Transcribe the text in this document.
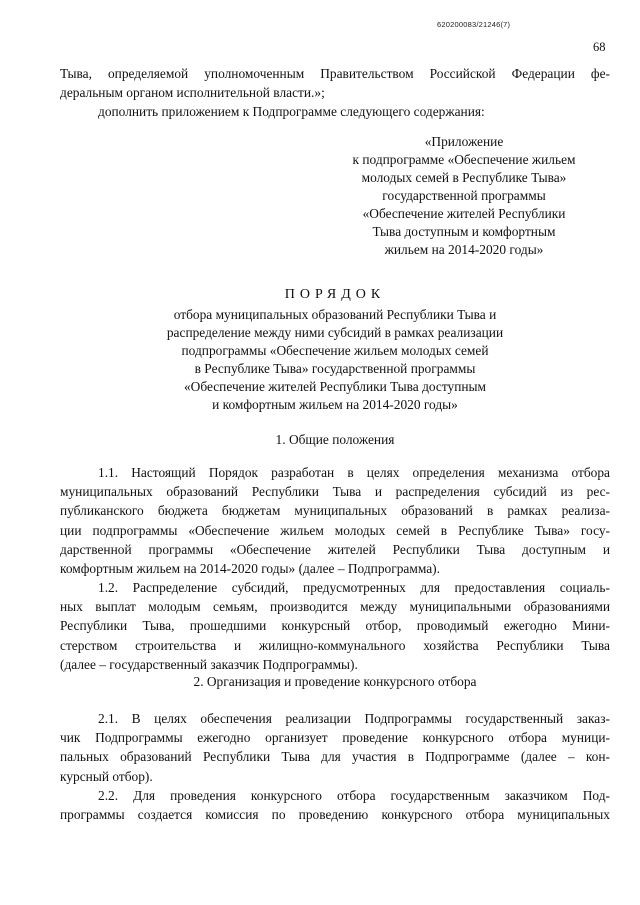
620200083/21246(7)
68
Тыва, определяемой уполномоченным Правительством Российской Федерации фе-
деральным органом исполнительной власти.»;
дополнить приложением к Подпрограмме следующего содержания:
«Приложение
к подпрограмме «Обеспечение жильем
молодых семей в Республике Тыва»
государственной программы
«Обеспечение жителей Республики
Тыва доступным и комфортным
жильем на 2014-2020 годы»
ПОРЯДОК
отбора муниципальных образований Республики Тыва и
распределение между ними субсидий в рамках реализации
подпрограммы «Обеспечение жильем молодых семей
в Республике Тыва» государственной программы
«Обеспечение жителей Республики Тыва доступным
и комфортным жильем на 2014-2020 годы»
1. Общие положения
1.1. Настоящий Порядок разработан в целях определения механизма отбора
муниципальных образований Республики Тыва и распределения субсидий из рес-
публиканского бюджета бюджетам муниципальных образований в рамках реализа-
ции подпрограммы «Обеспечение жильем молодых семей в Республике Тыва» госу-
дарственной программы «Обеспечение жителей Республики Тыва доступным и
комфортным жильем на 2014-2020 годы» (далее – Подпрограмма).
1.2. Распределение субсидий, предусмотренных для предоставления социаль-
ных выплат молодым семьям, производится между муниципальными образованиями
Республики Тыва, прошедшими конкурсный отбор, проводимый ежегодно Мини-
стерством строительства и жилищно-коммунального хозяйства Республики Тыва
(далее – государственный заказчик Подпрограммы).
2. Организация и проведение конкурсного отбора
2.1. В целях обеспечения реализации Подпрограммы государственный заказ-
чик Подпрограммы ежегодно организует проведение конкурсного отбора муници-
пальных образований Республики Тыва для участия в Подпрограмме (далее – кон-
курсный отбор).
2.2. Для проведения конкурсного отбора государственным заказчиком Под-
программы создается комиссия по проведению конкурсного отбора муниципальных
